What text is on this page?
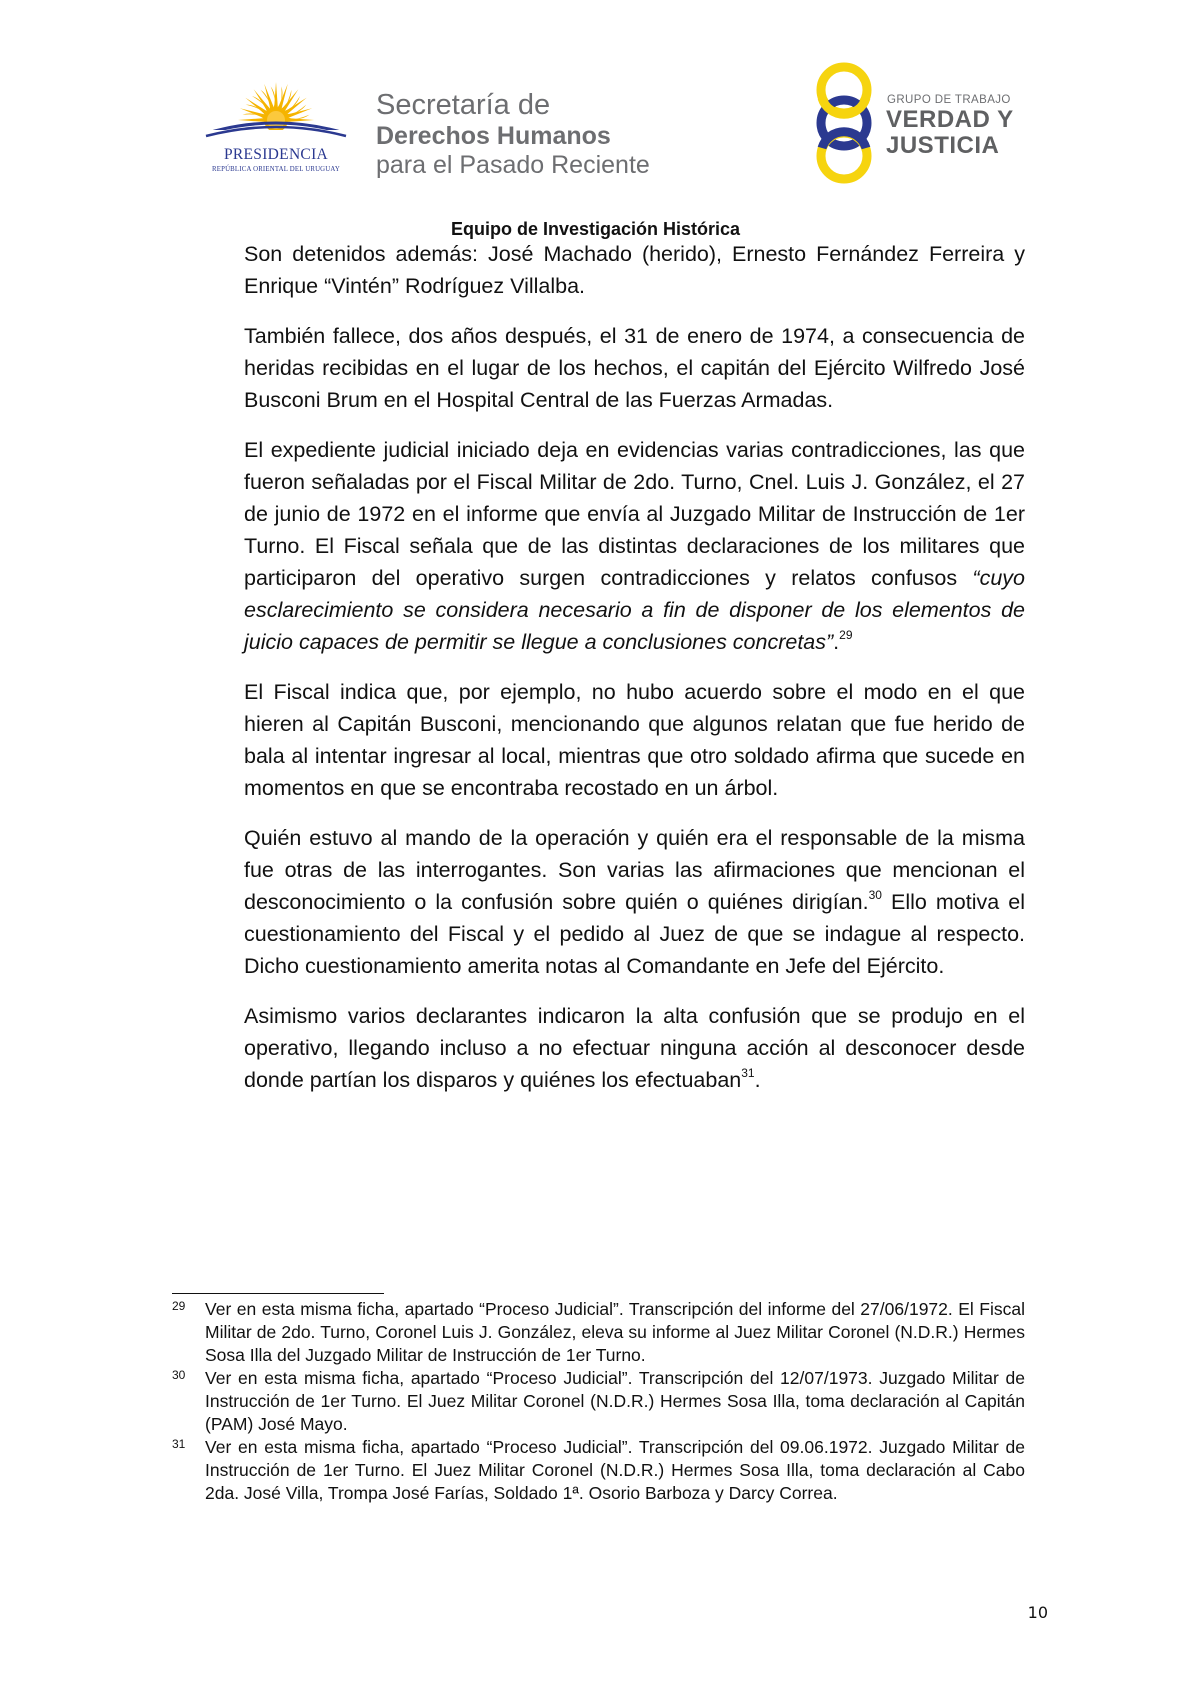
PRESIDENCIA
REPÚBLICA ORIENTAL DEL URUGUAY
Secretaría de
Derechos Humanos
para el Pasado Reciente
GRUPO DE TRABAJO
VERDAD Y
JUSTICIA
Equipo de Investigación Histórica

Son detenidos además: José Machado (herido), Ernesto Fernández Ferreira y Enrique “Vintén” Rodríguez Villalba.

También fallece, dos años después, el 31 de enero de 1974, a consecuencia de heridas recibidas en el lugar de los hechos, el capitán del Ejército Wilfredo José Busconi Brum en el Hospital Central de las Fuerzas Armadas.

El expediente judicial iniciado deja en evidencias varias contradicciones, las que fueron señaladas por el Fiscal Militar de 2do. Turno, Cnel. Luis J. González, el 27 de junio de 1972 en el informe que envía al Juzgado Militar de Instrucción de 1er Turno. El Fiscal señala que de las distintas declaraciones de los militares que participaron del operativo surgen contradicciones y relatos confusos “cuyo esclarecimiento se considera necesario a fin de disponer de los elementos de juicio capaces de permitir se llegue a conclusiones concretas”.$^{29}$

El Fiscal indica que, por ejemplo, no hubo acuerdo sobre el modo en el que hieren al Capitán Busconi, mencionando que algunos relatan que fue herido de bala al intentar ingresar al local, mientras que otro soldado afirma que sucede en momentos en que se encontraba recostado en un árbol.

Quién estuvo al mando de la operación y quién era el responsable de la misma fue otras de las interrogantes. Son varias las afirmaciones que mencionan el desconocimiento o la confusión sobre quién o quiénes dirigían.$^{30}$ Ello motiva el cuestionamiento del Fiscal y el pedido al Juez de que se indague al respecto. Dicho cuestionamiento amerita notas al Comandante en Jefe del Ejército.

Asimismo varios declarantes indicaron la alta confusión que se produjo en el operativo, llegando incluso a no efectuar ninguna acción al desconocer desde donde partían los disparos y quiénes los efectuaban$^{31}$.

29 Ver en esta misma ficha, apartado “Proceso Judicial”. Transcripción del informe del 27/06/1972. El Fiscal Militar de 2do. Turno, Coronel Luis J. González, eleva su informe al Juez Militar Coronel (N.D.R.) Hermes Sosa Illa del Juzgado Militar de Instrucción de 1er Turno.
30 Ver en esta misma ficha, apartado “Proceso Judicial”. Transcripción del 12/07/1973. Juzgado Militar de Instrucción de 1er Turno. El Juez Militar Coronel (N.D.R.) Hermes Sosa Illa, toma declaración al Capitán (PAM) José Mayo.
31 Ver en esta misma ficha, apartado “Proceso Judicial”. Transcripción del 09.06.1972. Juzgado Militar de Instrucción de 1er Turno. El Juez Militar Coronel (N.D.R.) Hermes Sosa Illa, toma declaración al Cabo 2da. José Villa, Trompa José Farías, Soldado 1ª. Osorio Barboza y Darcy Correa.
10
